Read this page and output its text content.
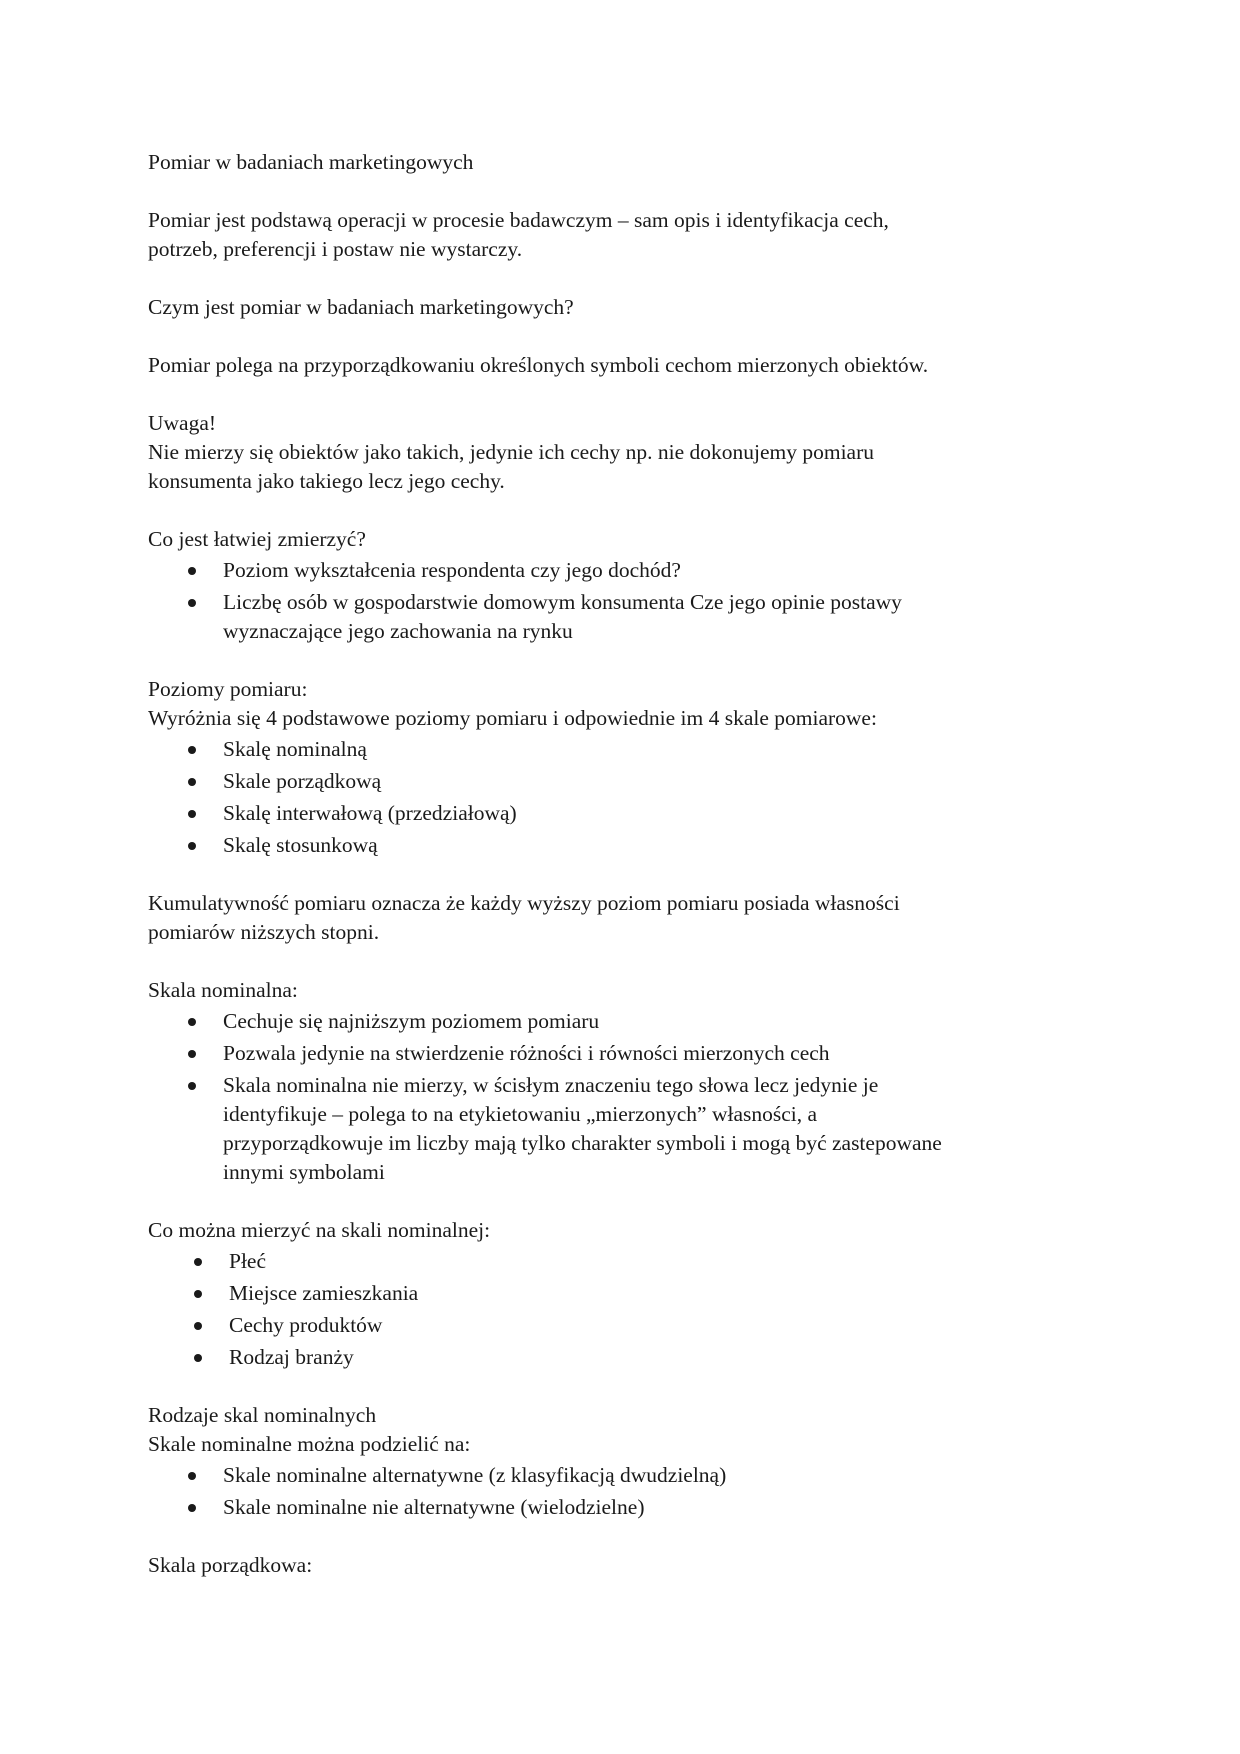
Pomiar w badaniach marketingowych

Pomiar jest podstawą operacji w procesie badawczym – sam opis i identyfikacja cech,

potrzeb, preferencji i postaw nie wystarczy.

Czym jest pomiar w badaniach marketingowych?

Pomiar polega na przyporządkowaniu określonych symboli cechom mierzonych obiektów.

Uwaga!

Nie mierzy się obiektów jako takich, jedynie ich cechy np. nie dokonujemy pomiaru

konsumenta jako takiego lecz jego cechy.

Co jest łatwiej zmierzyć?

Poziom wykształcenia respondenta czy jego dochód?
Liczbę osób w gospodarstwie domowym konsumenta Cze jego opinie postawy
wyznaczające jego zachowania na rynku

Poziomy pomiaru:

Wyróżnia się 4 podstawowe poziomy pomiaru i odpowiednie im 4 skale pomiarowe:

Skalę nominalną
Skale porządkową
Skalę interwałową (przedziałową)
Skalę stosunkową

Kumulatywność pomiaru oznacza że każdy wyższy poziom pomiaru posiada własności

pomiarów niższych stopni.

Skala nominalna:

Cechuje się najniższym poziomem pomiaru
Pozwala jedynie na stwierdzenie różności i równości mierzonych cech
Skala nominalna nie mierzy, w ścisłym znaczeniu tego słowa lecz jedynie je
identyfikuje – polega to na etykietowaniu „mierzonych” własności, a
przyporządkowuje im liczby mają tylko charakter symboli i mogą być zastepowane
innymi symbolami

Co można mierzyć na skali nominalnej:

Płeć
Miejsce zamieszkania
Cechy produktów
Rodzaj branży

Rodzaje skal nominalnych

Skale nominalne można podzielić na:

Skale nominalne alternatywne (z klasyfikacją dwudzielną)
Skale nominalne nie alternatywne (wielodzielne)

Skala porządkowa:
